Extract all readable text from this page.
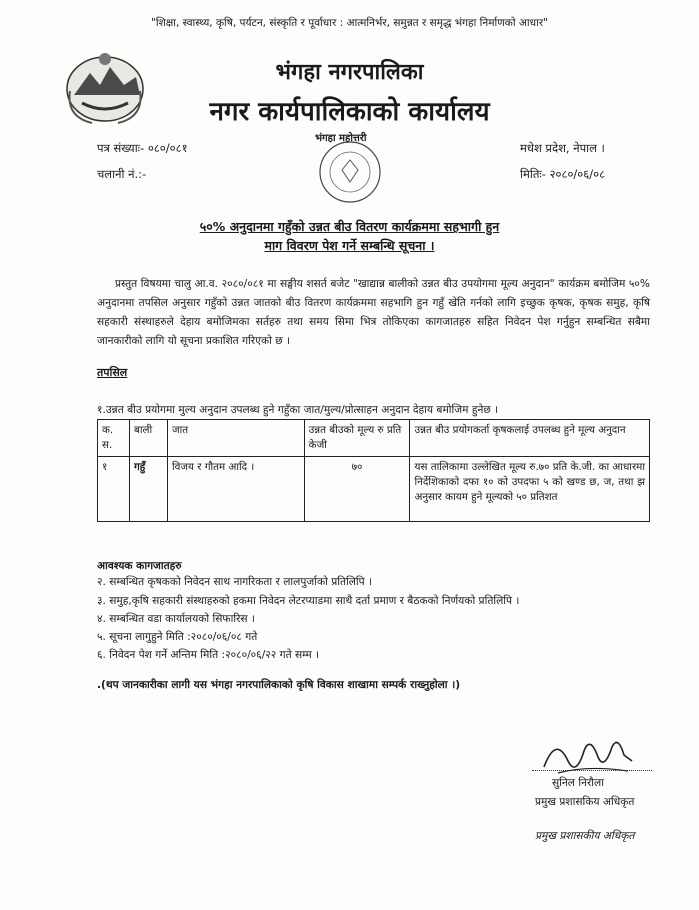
"शिक्षा, स्वास्थ्य, कृषि, पर्यटन, संस्कृति र पूर्वाधार : आत्मनिर्भर, समुन्नत र समृद्ध भंगहा निर्माणको आधार"
भंगहा नगरपालिका
नगर कार्यपालिकाको कार्यालय
पत्र संख्याः- ०८०/०८१
चलानी नं.:-
मधेश प्रदेश, नेपाल ।
मितिः- २०८०/०६/०८
भंगहा महोत्तरी
५०% अनुदानमा गहुँको उन्नत बीउ वितरण कार्यक्रममा सहभागी हुन
माग विवरण पेश गर्ने सम्बन्धि सूचना ।
प्रस्तुत विषयमा चालु आ.व. २०८०/०८१ मा सङ्घीय शसर्त बजेट "खाद्यान्न बालीको उन्नत बीउ उपयोगमा मूल्य अनुदान" कार्यक्रम बमोजिम ५०% अनुदानमा तपसिल अनुसार गहुँको उन्नत जातको बीउ वितरण कार्यक्रममा सहभागि हुन गहुँ खेति गर्नको लागि इच्छुक कृषक, कृषक समुह, कृषि सहकारी संस्थाहरुले देहाय बमोजिमका सर्तहरु तथा समय सिमा भित्र तोकिएका कागजातहरु सहित निवेदन पेश गर्नुहुन सम्बन्धित सबैमा जानकारीको लागि यो सूचना प्रकाशित गरिएको छ ।
तपसिल
१.उन्नत बीउ प्रयोगमा मुल्य अनुदान उपलब्ध हुने गहुँका जात/मुल्य/प्रोत्साहन अनुदान देहाय बमोजिम हुनेछ ।
क. स.	बाली	जात	उन्नत बीउको मूल्य रु प्रति केजी	उन्नत बीउ प्रयोगकर्ता कृषकलाई उपलब्ध हुने मूल्य अनुदान
१	गहुँ	विजय र गौतम आदि ।	७०	यस तालिकामा उल्लेखित मूल्य रु.७० प्रति के.जी. का आधारमा निर्देशिकाको दफा १० को उपदफा ५ को खण्ड छ, ज, तथा झ अनुसार कायम हुने मूल्यको ५० प्रतिशत
आवश्यक कागजातहरु
२. सम्बन्धित कृषकको निवेदन साथ नागरिकता र लालपुर्जाको प्रतिलिपि ।
३. समुह,कृषि सहकारी संस्थाहरुको हकमा निवेदन लेटरप्याडमा साथै दर्ता प्रमाण र बैठकको निर्णयको प्रतिलिपि ।
४. सम्बन्धित वडा कार्यालयको सिफारिस ।
५. सूचना लागुहुने मिति :२०८०/०६/०८ गते
६. निवेदन पेश गर्ने अन्तिम मिति :२०८०/०६/२२ गते सम्म ।
.(थप जानकारीका लागी यस भंगहा नगरपालिकाको कृषि विकास शाखामा सम्पर्क राख्नुहोला ।)
सुनिल निरौला
प्रमुख प्रशासकिय अधिकृत
प्रमुख प्रशासकीय अधिकृत
